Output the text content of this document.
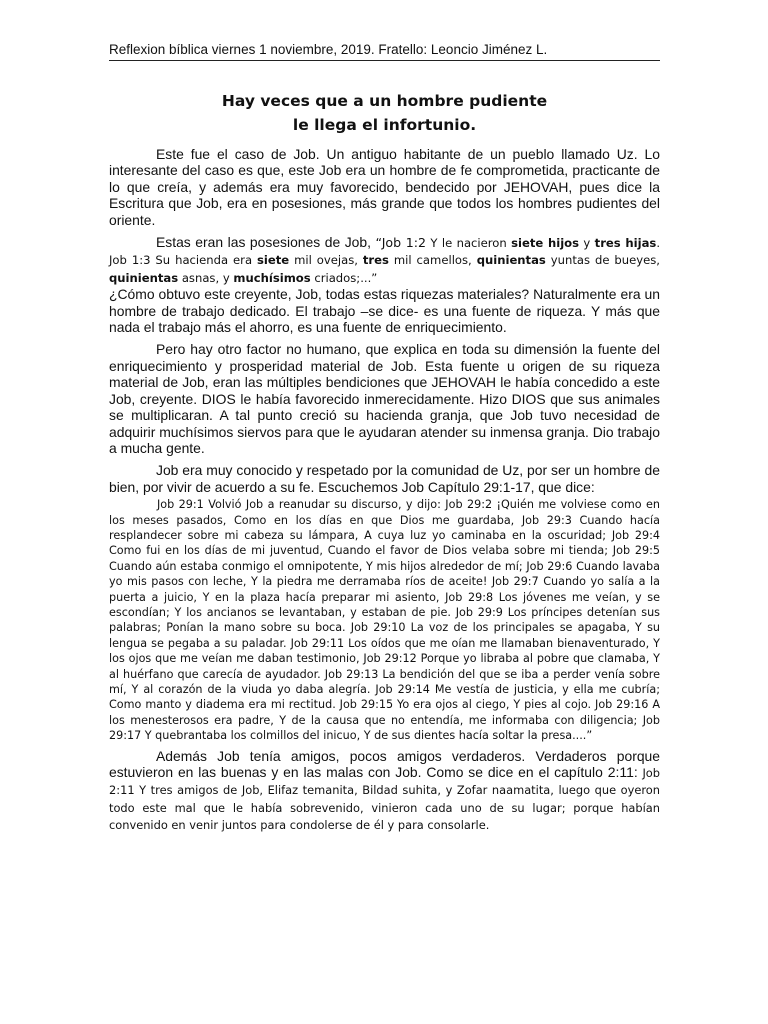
Reflexion bíblica viernes 1 noviembre, 2019. Fratello: Leoncio Jiménez L.
Hay veces que a un hombre pudiente
le llega el infortunio.

Este fue el caso de Job. Un antiguo habitante de un pueblo llamado Uz. Lo interesante del caso es que, este Job era un hombre de fe comprometida, practicante de lo que creía, y además era muy favorecido, bendecido por JEHOVAH, pues dice la Escritura que Job, era en posesiones, más grande que todos los hombres pudientes del oriente.

Estas eran las posesiones de Job, “Job 1:2 Y le nacieron siete hijos y tres hijas. Job 1:3 Su hacienda era siete mil ovejas, tres mil camellos, quinientas yuntas de bueyes, quinientas asnas, y muchísimos criados;...”

¿Cómo obtuvo este creyente, Job, todas estas riquezas materiales? Naturalmente era un hombre de trabajo dedicado. El trabajo –se dice- es una fuente de riqueza. Y más que nada el trabajo más el ahorro, es una fuente de enriquecimiento.

Pero hay otro factor no humano, que explica en toda su dimensión la fuente del enriquecimiento y prosperidad material de Job. Esta fuente u origen de su riqueza material de Job, eran las múltiples bendiciones que JEHOVAH le había concedido a este Job, creyente. DIOS le había favorecido inmerecidamente. Hizo DIOS que sus animales se multiplicaran. A tal punto creció su hacienda granja, que Job tuvo necesidad de adquirir muchísimos siervos para que le ayudaran atender su inmensa granja. Dio trabajo a mucha gente.

Job era muy conocido y respetado por la comunidad de Uz, por ser un hombre de bien, por vivir de acuerdo a su fe. Escuchemos Job Capítulo 29:1-17, que dice:

Job 29:1 Volvió Job a reanudar su discurso, y dijo: Job 29:2 ¡Quién me volviese como en los meses pasados, Como en los días en que Dios me guardaba, Job 29:3 Cuando hacía resplandecer sobre mi cabeza su lámpara, A cuya luz yo caminaba en la oscuridad; Job 29:4 Como fui en los días de mi juventud, Cuando el favor de Dios velaba sobre mi tienda; Job 29:5 Cuando aún estaba conmigo el omnipotente, Y mis hijos alrededor de mí; Job 29:6 Cuando lavaba yo mis pasos con leche, Y la piedra me derramaba ríos de aceite! Job 29:7 Cuando yo salía a la puerta a juicio, Y en la plaza hacía preparar mi asiento, Job 29:8 Los jóvenes me veían, y se escondían; Y los ancianos se levantaban, y estaban de pie. Job 29:9 Los príncipes detenían sus palabras; Ponían la mano sobre su boca. Job 29:10 La voz de los principales se apagaba, Y su lengua se pegaba a su paladar. Job 29:11 Los oídos que me oían me llamaban bienaventurado, Y los ojos que me veían me daban testimonio, Job 29:12 Porque yo libraba al pobre que clamaba, Y al huérfano que carecía de ayudador. Job 29:13 La bendición del que se iba a perder venía sobre mí, Y al corazón de la viuda yo daba alegría. Job 29:14 Me vestía de justicia, y ella me cubría; Como manto y diadema era mi rectitud. Job 29:15 Yo era ojos al ciego, Y pies al cojo. Job 29:16 A los menesterosos era padre, Y de la causa que no entendía, me informaba con diligencia; Job 29:17 Y quebrantaba los colmillos del inicuo, Y de sus dientes hacía soltar la presa....”

Además Job tenía amigos, pocos amigos verdaderos. Verdaderos porque estuvieron en las buenas y en las malas con Job. Como se dice en el capítulo 2:11: Job 2:11 Y tres amigos de Job, Elifaz temanita, Bildad suhita, y Zofar naamatita, luego que oyeron todo este mal que le había sobrevenido, vinieron cada uno de su lugar; porque habían convenido en venir juntos para condolerse de él y para consolarle.
